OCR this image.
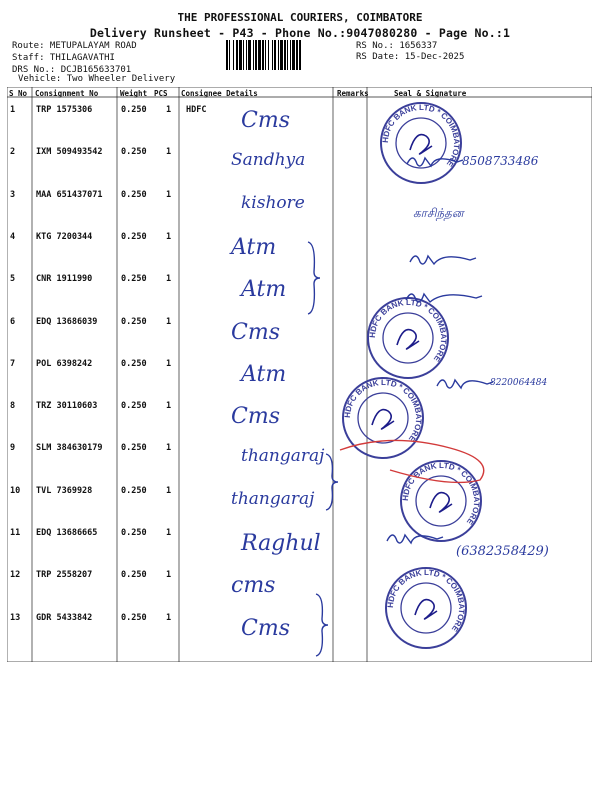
THE PROFESSIONAL COURIERS, COIMBATORE
Delivery Runsheet - P43 - Phone No.:9047080280 - Page No.:1
Route: METUPALAYAM ROAD
Staff: THILAGAVATHI
DRS No.: DCJB165633701
Vehicle: Two Wheeler Delivery
RS No.: 1656337
RS Date: 15-Dec-2025
S No Consignment No	Weight PCS Consignee Details	Remarks	Seal & Signature
1 TRP 1575306	0.250 1 HDFC Cms
2 IXM 509493542 0.250 1	Sandhya
3 MAA 651437071 0.250 1	kishore
4 KTG 7200344	0.250 1	Atm
5 CNR 1911990	0.250 1	Atm
6 EDQ 13686039	0.250 1	Cms
7 POL 6398242	0.250 1	Atm
8 TRZ 30110603	0.250 1	Cms
9 SLM 384630179 0.250 1	thangaraj
10 TVL 7369928	0.250 1	thangaraj
11 EDQ 13686665	0.250 1	Raghul
12 TRP 2558207	0.250 1	cms
13 GDR 5433842	0.250 1	Cms
HDFC BANK LTD * COIMBATORE
HDFC BANK LTD * COIMBATORE
HDFC BANK LTD * COIMBATORE
HDFC BANK LTD * COIMBATORE
HDFC BANK LTD * COIMBATORE
8508733486
காசிந்தன
8220064484
(6382358429)
